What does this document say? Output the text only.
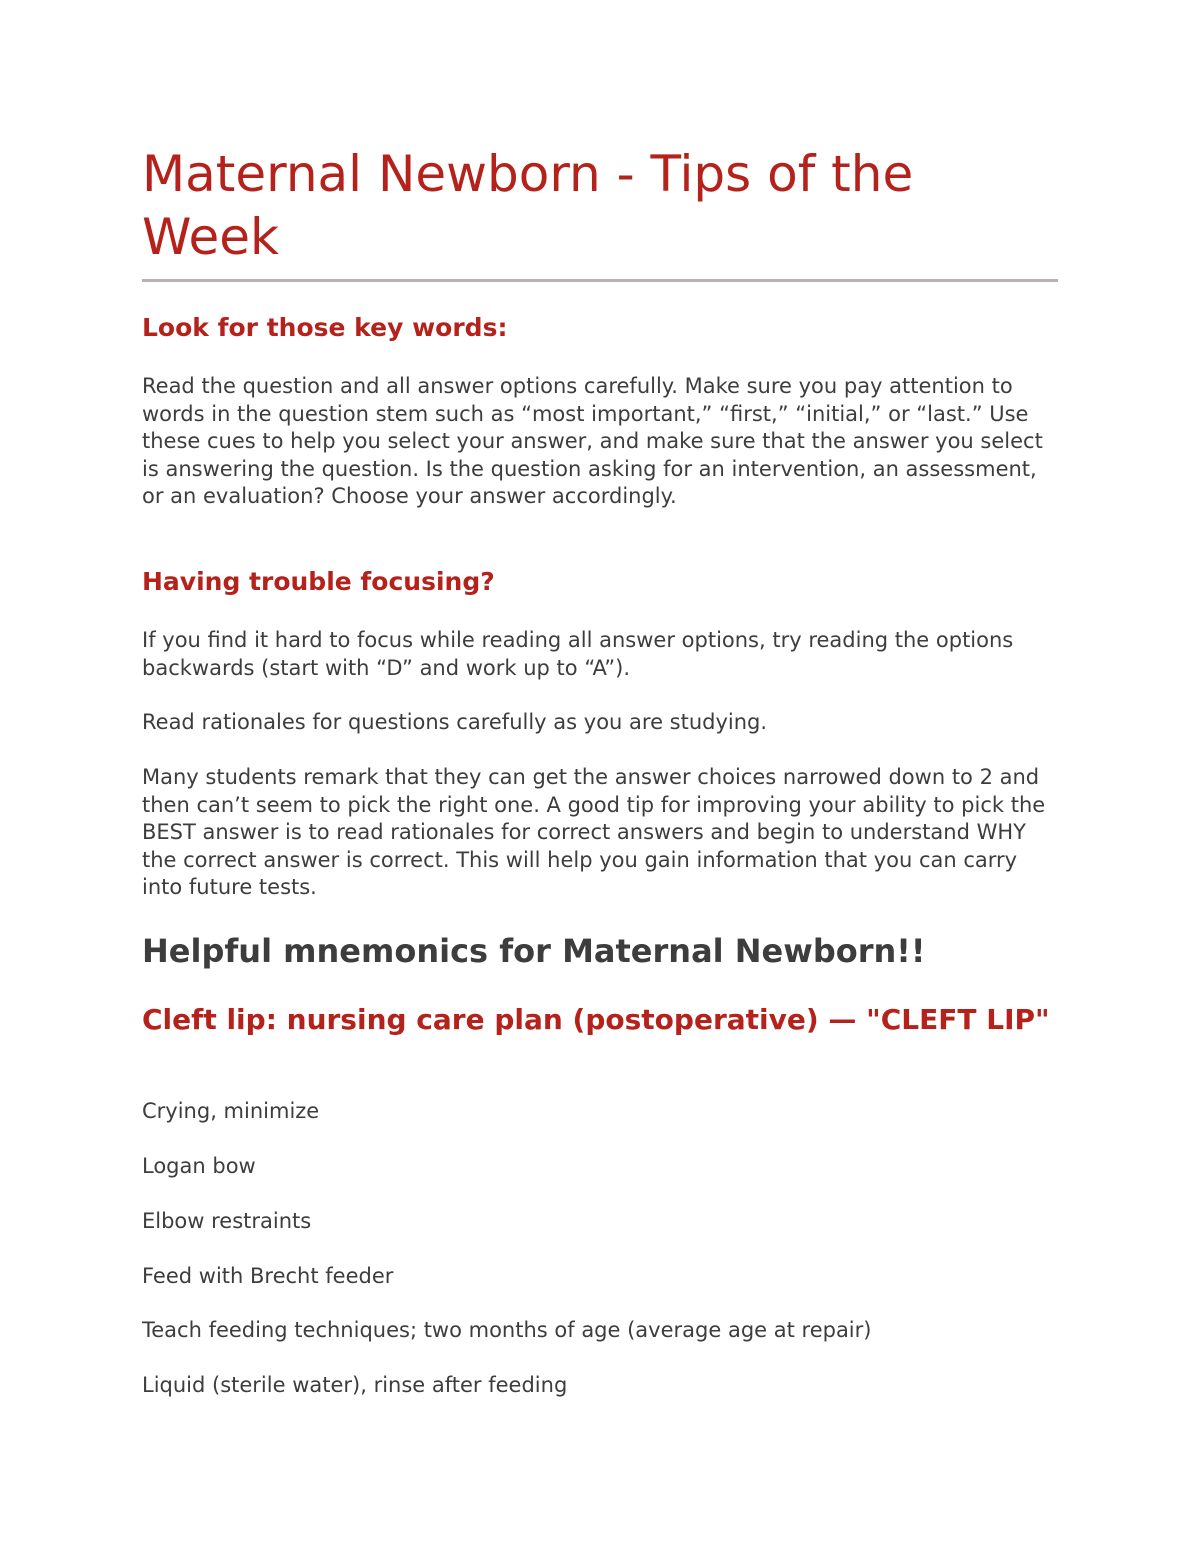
Maternal Newborn - Tips of the Week
Look for those key words:

Read the question and all answer options carefully. Make sure you pay attention to words in the question stem such as “most important,” “first,” “initial,” or “last.” Use these cues to help you select your answer, and make sure that the answer you select is answering the question. Is the question asking for an intervention, an assessment, or an evaluation? Choose your answer accordingly.

Having trouble focusing?

If you find it hard to focus while reading all answer options, try reading the options backwards (start with “D” and work up to “A”).

Read rationales for questions carefully as you are studying.

Many students remark that they can get the answer choices narrowed down to 2 and then can’t seem to pick the right one. A good tip for improving your ability to pick the BEST answer is to read rationales for correct answers and begin to understand WHY the correct answer is correct. This will help you gain information that you can carry into future tests.

Helpful mnemonics for Maternal Newborn!!
Cleft lip: nursing care plan (postoperative) — "CLEFT LIP"

Crying, minimize

Logan bow

Elbow restraints

Feed with Brecht feeder

Teach feeding techniques; two months of age (average age at repair)

Liquid (sterile water), rinse after feeding
